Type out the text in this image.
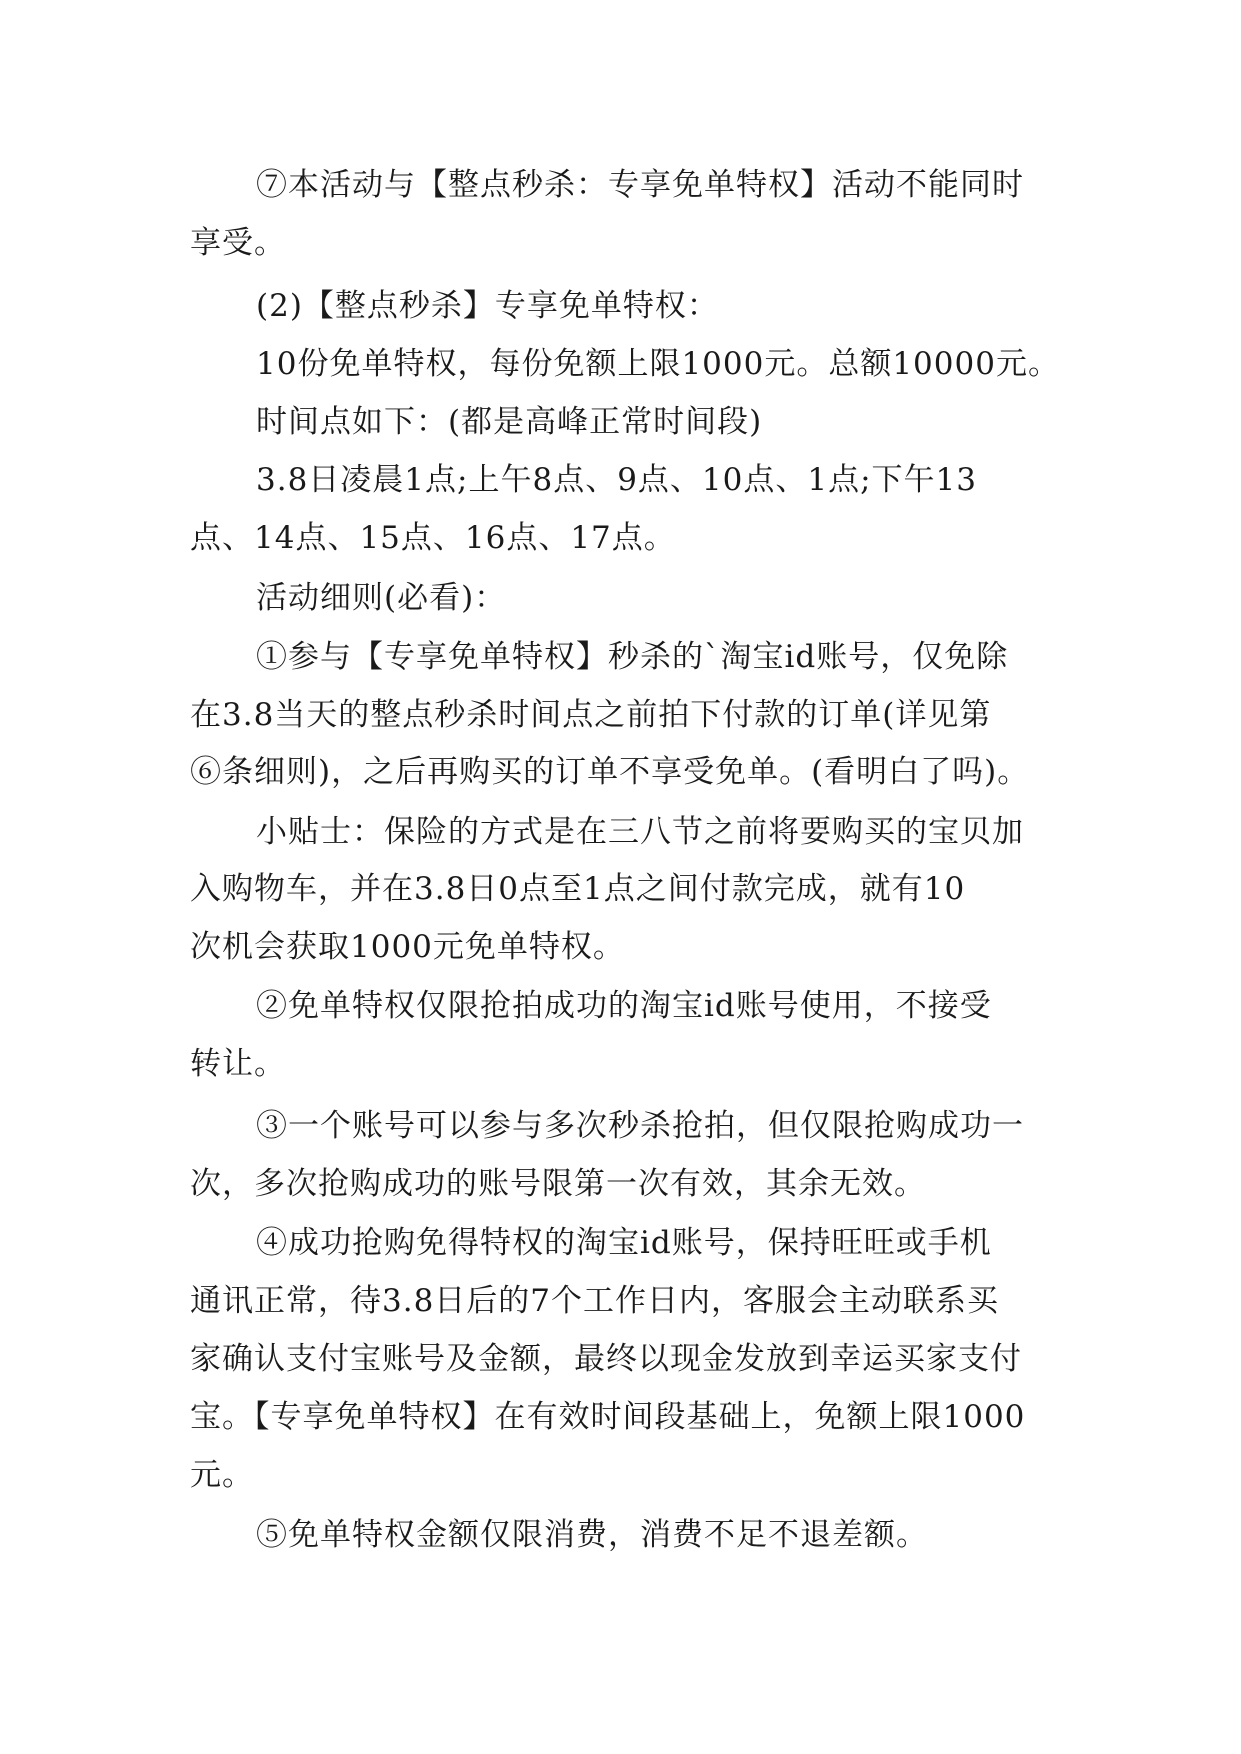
⑦本活动与【整点秒杀：专享免单特权】活动不能同时
享受。
(2)【整点秒杀】专享免单特权：
10份免单特权，每份免额上限1000元。总额10000元。
时间点如下：(都是高峰正常时间段)
3.8日凌晨1点;上午8点、9点、10点、1点;下午13
点、14点、15点、16点、17点。
活动细则(必看)：
①参与【专享免单特权】秒杀的`淘宝id账号，仅免除
在3.8当天的整点秒杀时间点之前拍下付款的订单(详见第
⑥条细则)，之后再购买的订单不享受免单。(看明白了吗)。
小贴士：保险的方式是在三八节之前将要购买的宝贝加
入购物车，并在3.8日0点至1点之间付款完成，就有10
次机会获取1000元免单特权。
②免单特权仅限抢拍成功的淘宝id账号使用，不接受
转让。
③一个账号可以参与多次秒杀抢拍，但仅限抢购成功一
次，多次抢购成功的账号限第一次有效，其余无效。
④成功抢购免得特权的淘宝id账号，保持旺旺或手机
通讯正常，待3.8日后的7个工作日内，客服会主动联系买
家确认支付宝账号及金额，最终以现金发放到幸运买家支付
宝。【专享免单特权】在有效时间段基础上，免额上限1000
元。
⑤免单特权金额仅限消费，消费不足不退差额。
